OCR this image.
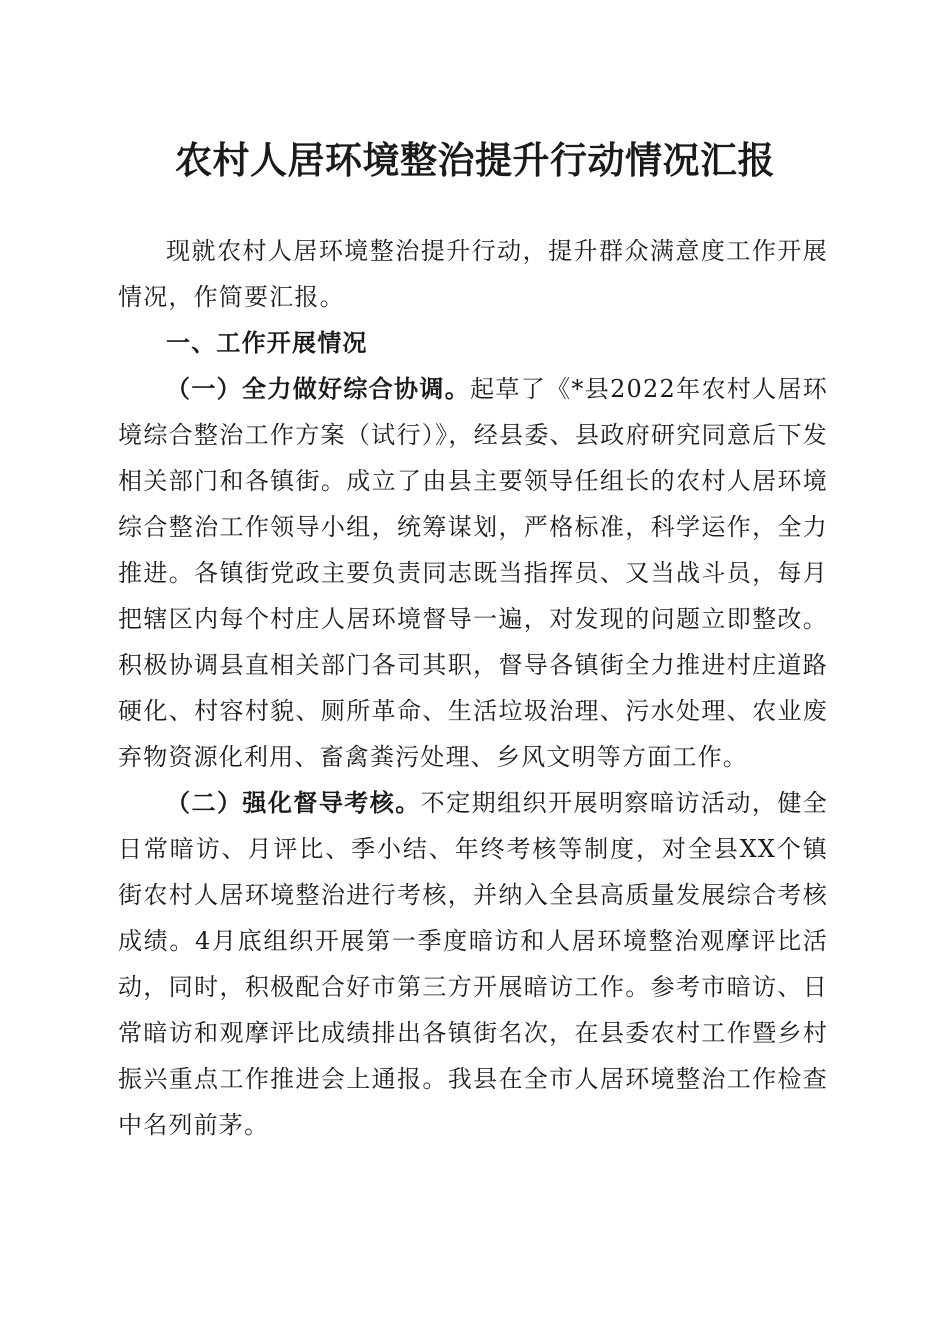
农村人居环境整治提升行动情况汇报

现就农村人居环境整治提升行动，提升群众满意度工作开展情况，作简要汇报。

一、工作开展情况

（一）全力做好综合协调。起草了《*县2022年农村人居环境综合整治工作方案（试行）》，经县委、县政府研究同意后下发相关部门和各镇街。成立了由县主要领导任组长的农村人居环境综合整治工作领导小组，统筹谋划，严格标准，科学运作，全力推进。各镇街党政主要负责同志既当指挥员、又当战斗员，每月把辖区内每个村庄人居环境督导一遍，对发现的问题立即整改。积极协调县直相关部门各司其职，督导各镇街全力推进村庄道路硬化、村容村貌、厕所革命、生活垃圾治理、污水处理、农业废弃物资源化利用、畜禽粪污处理、乡风文明等方面工作。

（二）强化督导考核。不定期组织开展明察暗访活动，健全日常暗访、月评比、季小结、年终考核等制度，对全县XX个镇街农村人居环境整治进行考核，并纳入全县高质量发展综合考核成绩。4月底组织开展第一季度暗访和人居环境整治观摩评比活动，同时，积极配合好市第三方开展暗访工作。参考市暗访、日常暗访和观摩评比成绩排出各镇街名次，在县委农村工作暨乡村振兴重点工作推进会上通报。我县在全市人居环境整治工作检查中名列前茅。
